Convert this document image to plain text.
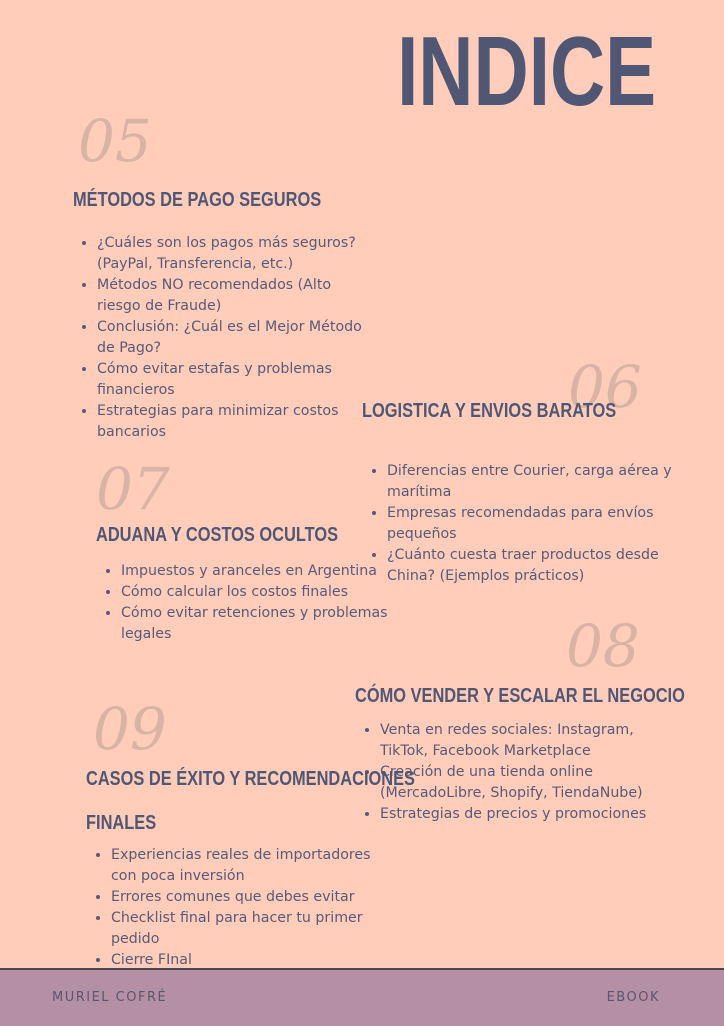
INDICE
05
MÉTODOS DE PAGO SEGUROS
• ¿Cuáles son los pagos más seguros? (PayPal, Transferencia, etc.)
• Métodos NO recomendados (Alto riesgo de Fraude)
• Conclusión: ¿Cuál es el Mejor Método de Pago?
• Cómo evitar estafas y problemas financieros
• Estrategias para minimizar costos bancarios
06
LOGISTICA Y ENVIOS BARATOS
• Diferencias entre Courier, carga aérea y marítima
• Empresas recomendadas para envíos pequeños
• ¿Cuánto cuesta traer productos desde China? (Ejemplos prácticos)
07
ADUANA Y COSTOS OCULTOS
• Impuestos y aranceles en Argentina
• Cómo calcular los costos finales
• Cómo evitar retenciones y problemas legales	08
CÓMO VENDER Y ESCALAR EL NEGOCIO
• Venta en redes sociales: Instagram, TikTok, Facebook Marketplace
• Creación de una tienda online (MercadoLibre, Shopify, TiendaNube)
• Estrategias de precios y promociones
09
CASOS DE ÉXITO Y RECOMENDACIONES
FINALES
• Experiencias reales de importadores con poca inversión
• Errores comunes que debes evitar
• Checklist final para hacer tu primer pedido
• Cierre FInal
MURIEL COFRÉ	EBOOK
